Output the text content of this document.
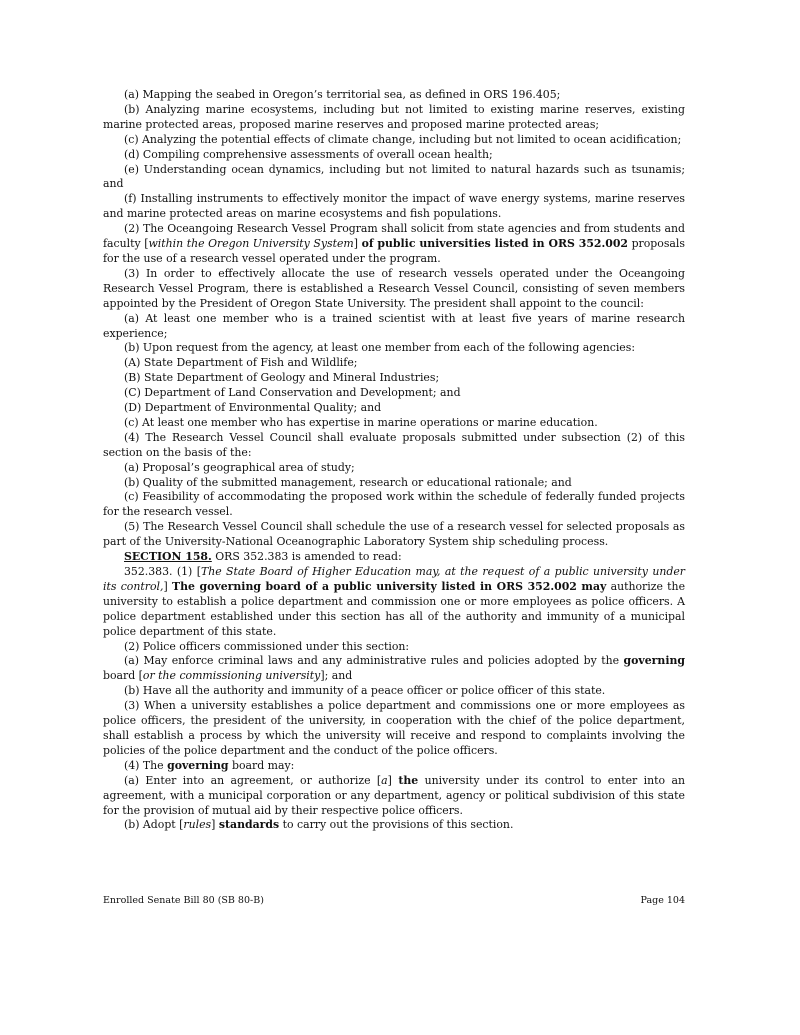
(a) Mapping the seabed in Oregon’s territorial sea, as defined in ORS 196.405;

(b) Analyzing marine ecosystems, including but not limited to existing marine reserves, existing marine protected areas, proposed marine reserves and proposed marine protected areas;

(c) Analyzing the potential effects of climate change, including but not limited to ocean acidification;

(d) Compiling comprehensive assessments of overall ocean health;

(e) Understanding ocean dynamics, including but not limited to natural hazards such as tsunamis; and

(f) Installing instruments to effectively monitor the impact of wave energy systems, marine reserves and marine protected areas on marine ecosystems and fish populations.

(2) The Oceangoing Research Vessel Program shall solicit from state agencies and from students and faculty [within the Oregon University System] of public universities listed in ORS 352.002 proposals for the use of a research vessel operated under the program.

(3) In order to effectively allocate the use of research vessels operated under the Oceangoing Research Vessel Program, there is established a Research Vessel Council, consisting of seven members appointed by the President of Oregon State University. The president shall appoint to the council:

(a) At least one member who is a trained scientist with at least five years of marine research experience;

(b) Upon request from the agency, at least one member from each of the following agencies:

(A) State Department of Fish and Wildlife;

(B) State Department of Geology and Mineral Industries;

(C) Department of Land Conservation and Development; and

(D) Department of Environmental Quality; and

(c) At least one member who has expertise in marine operations or marine education.

(4) The Research Vessel Council shall evaluate proposals submitted under subsection (2) of this section on the basis of the:

(a) Proposal’s geographical area of study;

(b) Quality of the submitted management, research or educational rationale; and

(c) Feasibility of accommodating the proposed work within the schedule of federally funded projects for the research vessel.

(5) The Research Vessel Council shall schedule the use of a research vessel for selected proposals as part of the University-National Oceanographic Laboratory System ship scheduling process.

SECTION 158. ORS 352.383 is amended to read:

352.383. (1) [The State Board of Higher Education may, at the request of a public university under its control,] The governing board of a public university listed in ORS 352.002 may authorize the university to establish a police department and commission one or more employees as police officers. A police department established under this section has all of the authority and immunity of a municipal police department of this state.

(2) Police officers commissioned under this section:

(a) May enforce criminal laws and any administrative rules and policies adopted by the governing board [or the commissioning university]; and

(b) Have all the authority and immunity of a peace officer or police officer of this state.

(3) When a university establishes a police department and commissions one or more employees as police officers, the president of the university, in cooperation with the chief of the police department, shall establish a process by which the university will receive and respond to complaints involving the policies of the police department and the conduct of the police officers.

(4) The governing board may:

(a) Enter into an agreement, or authorize [a] the university under its control to enter into an agreement, with a municipal corporation or any department, agency or political subdivision of this state for the provision of mutual aid by their respective police officers.

(b) Adopt [rules] standards to carry out the provisions of this section.

Enrolled Senate Bill 80 (SB 80-B)	Page 104
